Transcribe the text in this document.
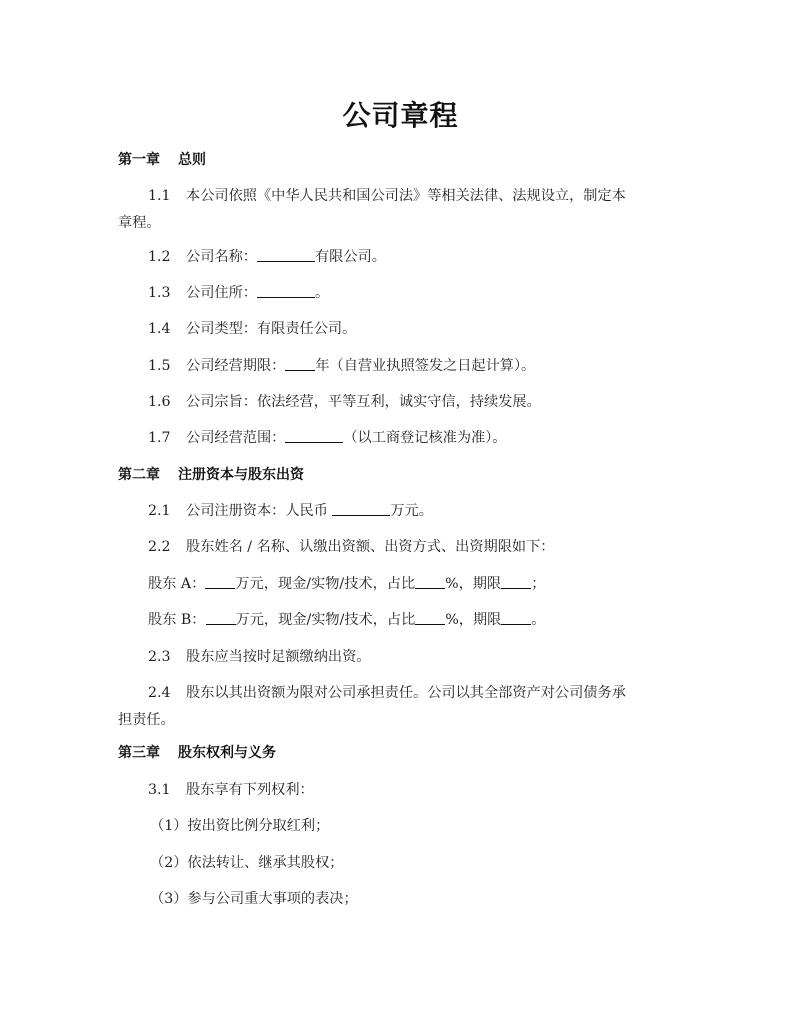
公司章程
第一章 总则
1.1 本公司依照《中华人民共和国公司法》等相关法律、法规设立，制定本
章程。
1.2 公司名称：	有限公司。
1.3 公司住所：	。
1.4 公司类型：有限责任公司。
1.5 公司经营期限： 年（自营业执照签发之日起计算）。
1.6 公司宗旨：依法经营，平等互利，诚实守信，持续发展。
1.7 公司经营范围：	（以工商登记核准为准）。
第二章 注册资本与股东出资
2.1 公司注册资本：人民币	万元。
2.2 股东姓名 / 名称、认缴出资额、出资方式、出资期限如下：
股东 A： 万元，现金/实物/技术，占比 %，期限 ；
股东 B： 万元，现金/实物/技术，占比 %，期限 。
2.3 股东应当按时足额缴纳出资。
2.4 股东以其出资额为限对公司承担责任。公司以其全部资产对公司债务承
担责任。
第三章 股东权利与义务
3.1 股东享有下列权利：
（1）按出资比例分取红利；
（2）依法转让、继承其股权；
（3）参与公司重大事项的表决；
